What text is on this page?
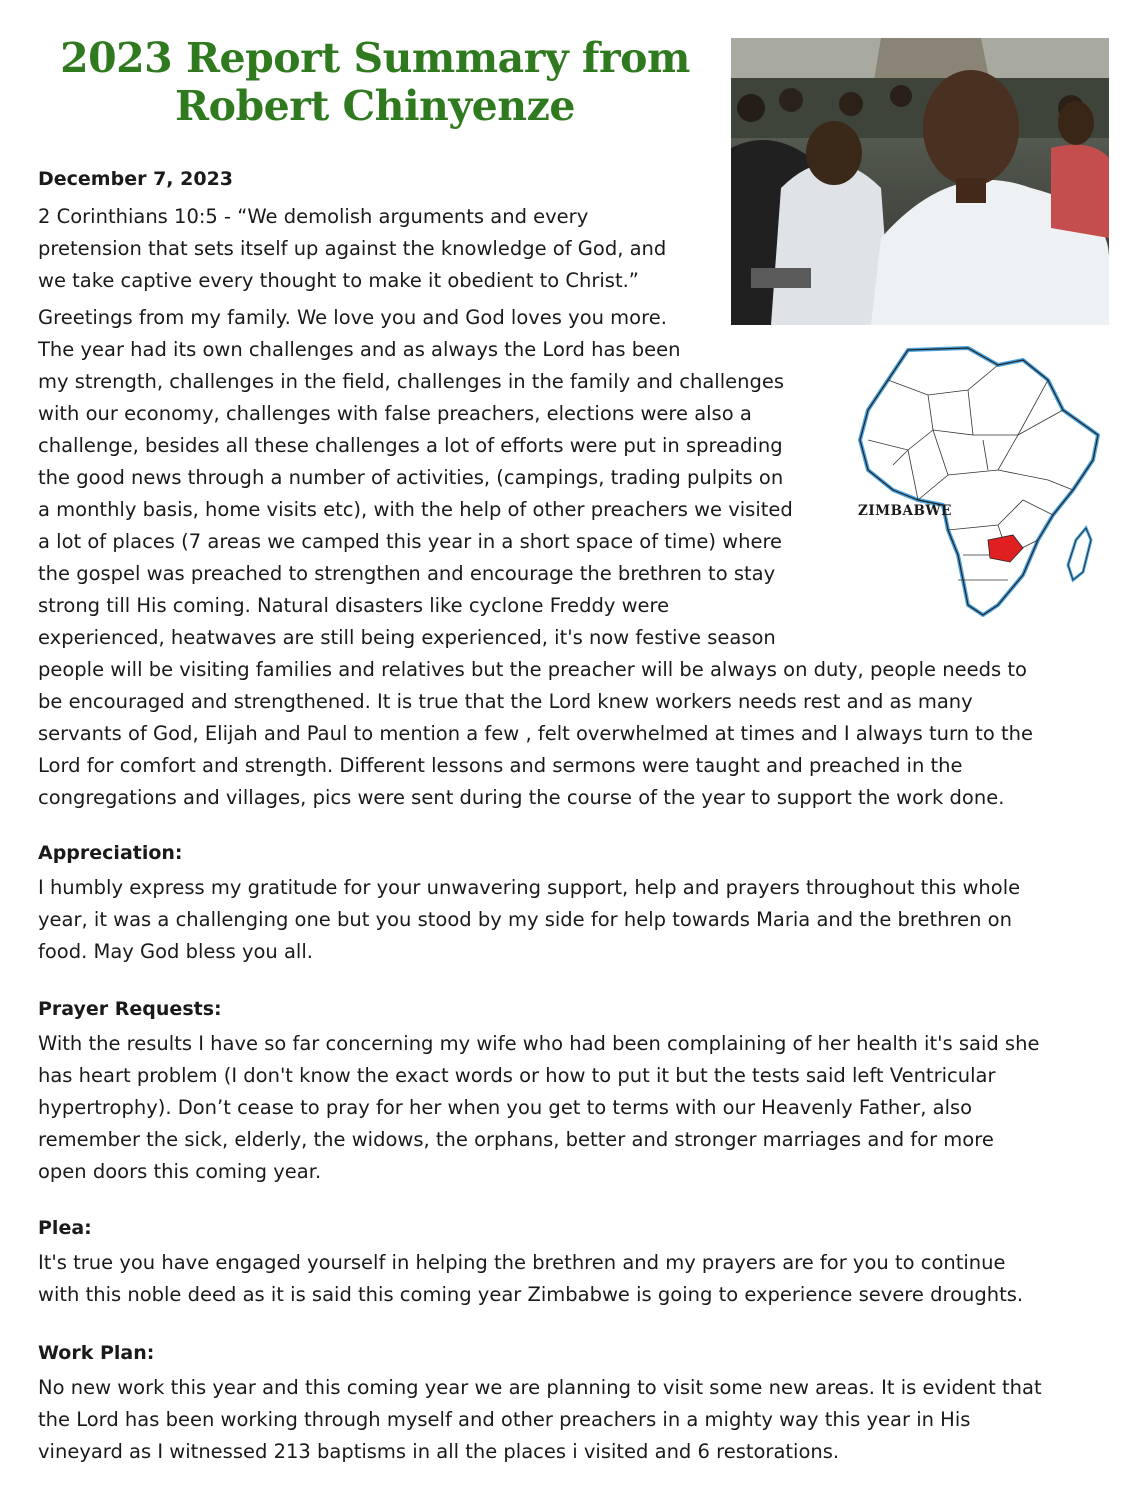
2023 Report Summary from
Robert Chinyenze
ZIMBABWE

December 7, 2023

2 Corinthians 10:5 - “We demolish arguments and every
pretension that sets itself up against the knowledge of God, and
we take captive every thought to make it obedient to Christ.”

Greetings from my family. We love you and God loves you more.
The year had its own challenges and as always the Lord has been
my strength, challenges in the field, challenges in the family and challenges
with our economy, challenges with false preachers, elections were also a
challenge, besides all these challenges a lot of efforts were put in spreading
the good news through a number of activities, (campings, trading pulpits on
a monthly basis, home visits etc), with the help of other preachers we visited
a lot of places (7 areas we camped this year in a short space of time) where
the gospel was preached to strengthen and encourage the brethren to stay
strong till His coming. Natural disasters like cyclone Freddy were
experienced, heatwaves are still being experienced, it's now festive season
people will be visiting families and relatives but the preacher will be always on duty, people needs to
be encouraged and strengthened. It is true that the Lord knew workers needs rest and as many
servants of God, Elijah and Paul to mention a few , felt overwhelmed at times and I always turn to the
Lord for comfort and strength. Different lessons and sermons were taught and preached in the
congregations and villages, pics were sent during the course of the year to support the work done.

Appreciation:

I humbly express my gratitude for your unwavering support, help and prayers throughout this whole
year, it was a challenging one but you stood by my side for help towards Maria and the brethren on
food. May God bless you all.

Prayer Requests:

With the results I have so far concerning my wife who had been complaining of her health it's said she
has heart problem (I don't know the exact words or how to put it but the tests said left Ventricular
hypertrophy). Don’t cease to pray for her when you get to terms with our Heavenly Father, also
remember the sick, elderly, the widows, the orphans, better and stronger marriages and for more
open doors this coming year.

Plea:

It's true you have engaged yourself in helping the brethren and my prayers are for you to continue
with this noble deed as it is said this coming year Zimbabwe is going to experience severe droughts.

Work Plan:

No new work this year and this coming year we are planning to visit some new areas. It is evident that
the Lord has been working through myself and other preachers in a mighty way this year in His
vineyard as I witnessed 213 baptisms in all the places i visited and 6 restorations.
